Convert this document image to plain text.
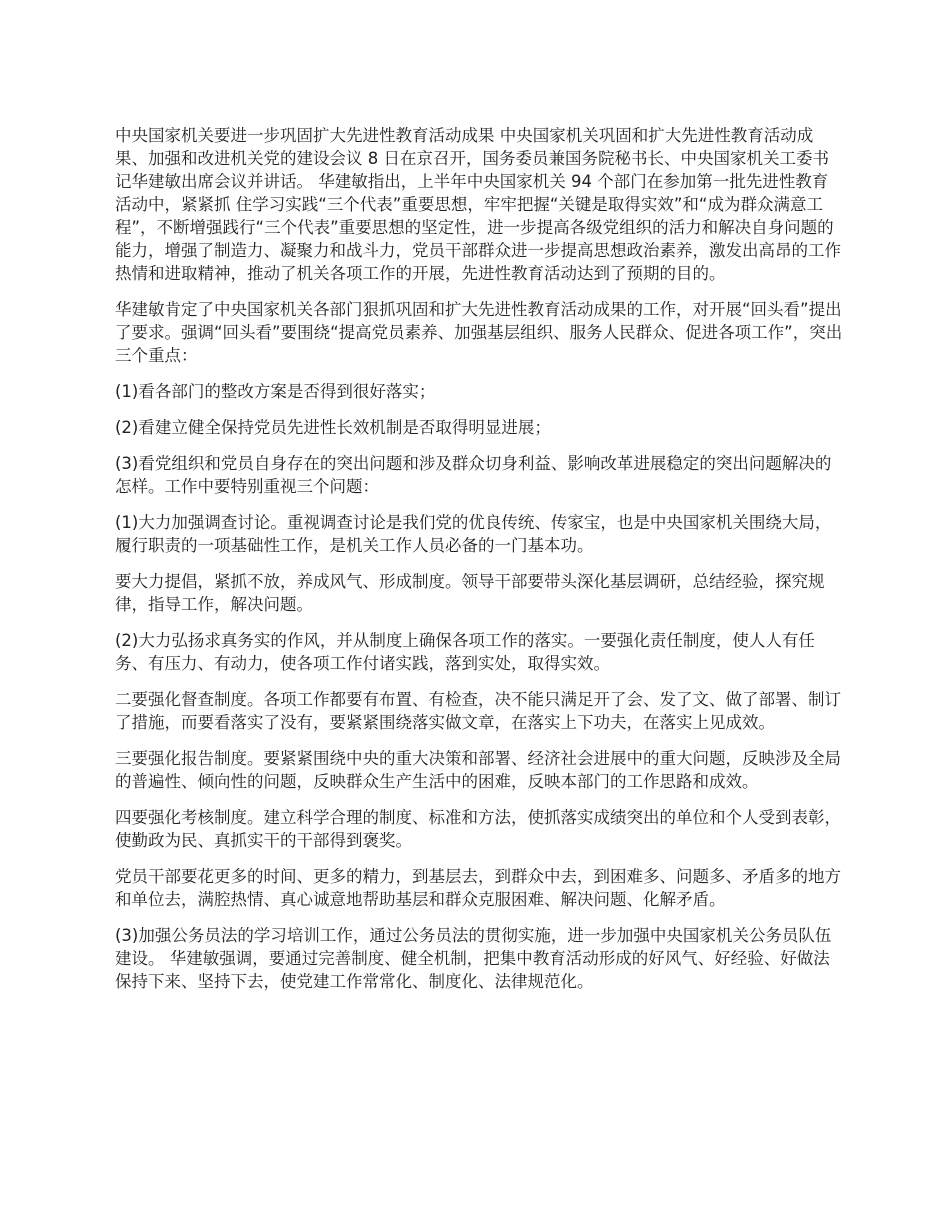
中央国家机关要进一步巩固扩大先进性教育活动成果 中央国家机关巩固和扩大先进性教育活动成果、加强和改进机关党的建设会议 8 日在京召开，国务委员兼国务院秘书长、中央国家机关工委书记华建敏出席会议并讲话。 华建敏指出，上半年中央国家机关 94 个部门在参加第一批先进性教育活动中，紧紧抓 住学习实践“三个代表”重要思想，牢牢把握“关键是取得实效”和“成为群众满意工程”，不断增强践行“三个代表”重要思想的坚定性，进一步提高各级党组织的活力和解决自身问题的能力，增强了制造力、凝聚力和战斗力，党员干部群众进一步提高思想政治素养，激发出高昂的工作热情和进取精神，推动了机关各项工作的开展，先进性教育活动达到了预期的目的。

华建敏肯定了中央国家机关各部门狠抓巩固和扩大先进性教育活动成果的工作，对开展“回头看”提出了要求。强调“回头看”要围绕“提高党员素养、加强基层组织、服务人民群众、促进各项工作”，突出三个重点：

(1)看各部门的整改方案是否得到很好落实；

(2)看建立健全保持党员先进性长效机制是否取得明显进展；

(3)看党组织和党员自身存在的突出问题和涉及群众切身利益、影响改革进展稳定的突出问题解决的怎样。工作中要特别重视三个问题：

(1)大力加强调查讨论。重视调查讨论是我们党的优良传统、传家宝，也是中央国家机关围绕大局，履行职责的一项基础性工作，是机关工作人员必备的一门基本功。

要大力提倡，紧抓不放，养成风气、形成制度。领导干部要带头深化基层调研，总结经验，探究规律，指导工作，解决问题。

(2)大力弘扬求真务实的作风，并从制度上确保各项工作的落实。一要强化责任制度，使人人有任务、有压力、有动力，使各项工作付诸实践，落到实处，取得实效。

二要强化督查制度。各项工作都要有布置、有检查，决不能只满足开了会、发了文、做了部署、制订了措施，而要看落实了没有，要紧紧围绕落实做文章，在落实上下功夫，在落实上见成效。

三要强化报告制度。要紧紧围绕中央的重大决策和部署、经济社会进展中的重大问题，反映涉及全局的普遍性、倾向性的问题，反映群众生产生活中的困难，反映本部门的工作思路和成效。

四要强化考核制度。建立科学合理的制度、标准和方法，使抓落实成绩突出的单位和个人受到表彰，使勤政为民、真抓实干的干部得到褒奖。

党员干部要花更多的时间、更多的精力，到基层去，到群众中去，到困难多、问题多、矛盾多的地方和单位去，满腔热情、真心诚意地帮助基层和群众克服困难、解决问题、化解矛盾。

(3)加强公务员法的学习培训工作，通过公务员法的贯彻实施，进一步加强中央国家机关公务员队伍建设。 华建敏强调，要通过完善制度、健全机制，把集中教育活动形成的好风气、好经验、好做法保持下来、坚持下去，使党建工作常常化、制度化、法律规范化。
